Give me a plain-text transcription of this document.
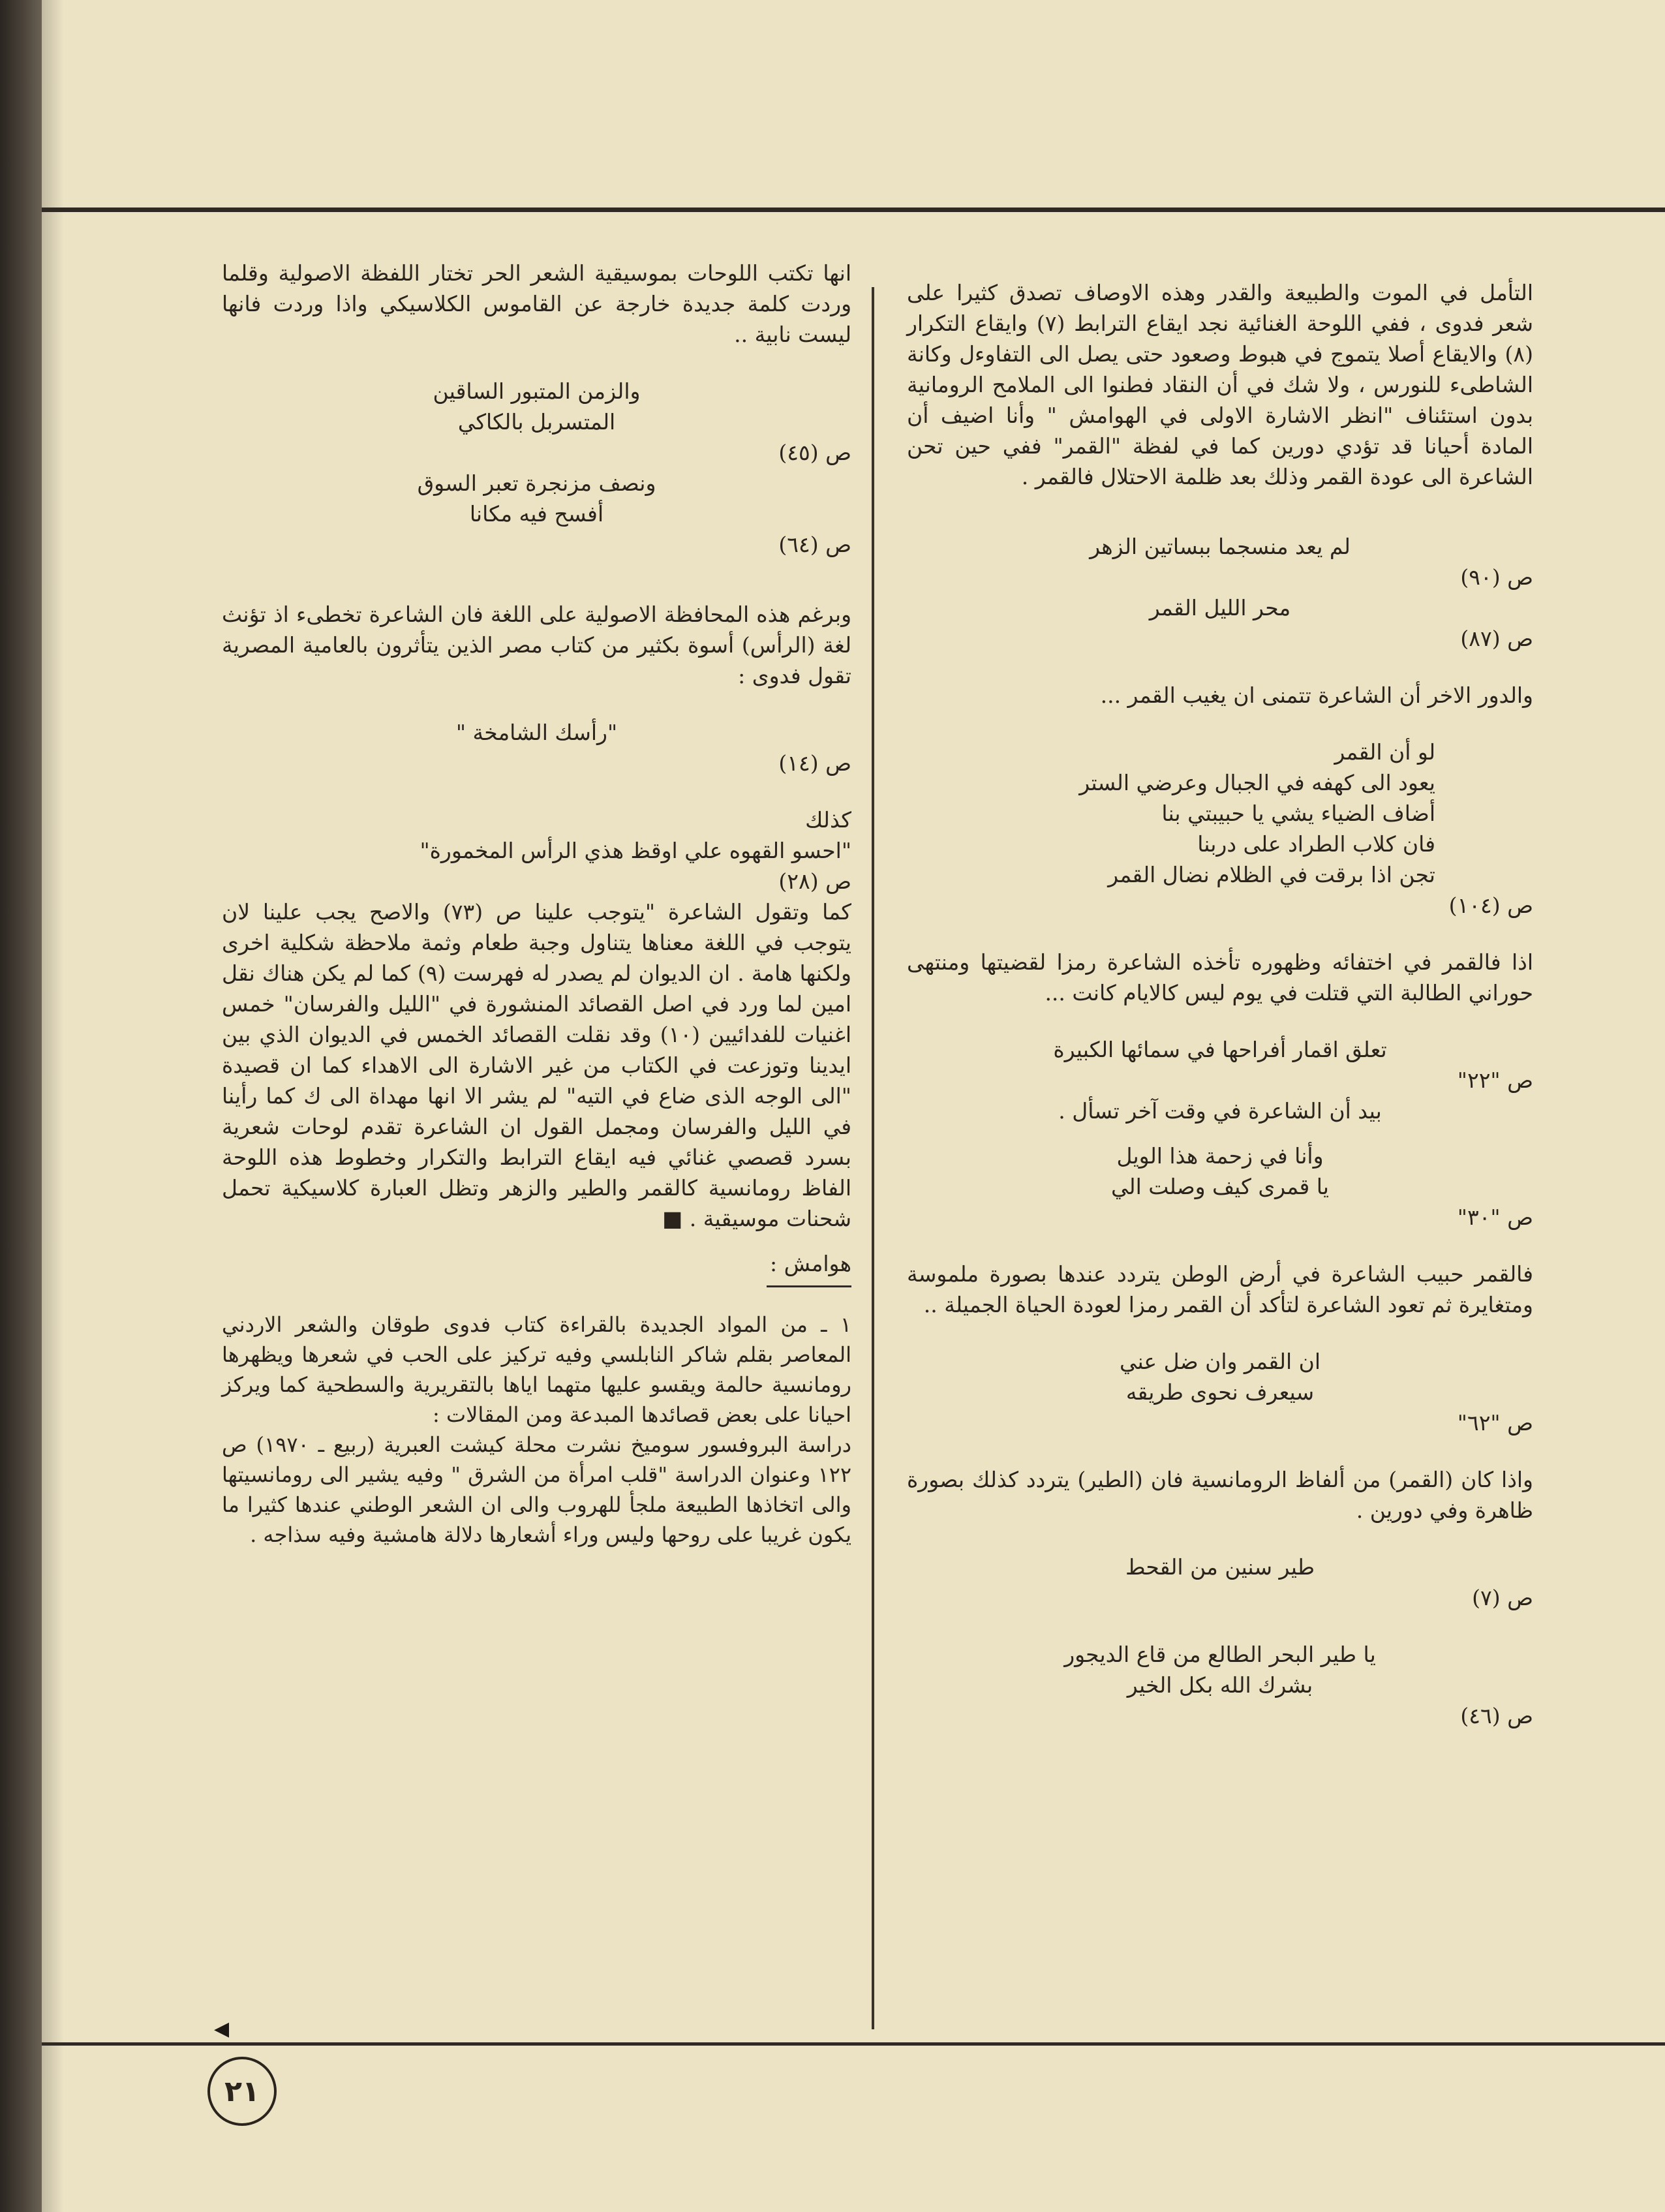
التأمل في الموت والطبيعة والقدر وهذه الاوصاف تصدق كثيرا على شعر فدوى ، ففي اللوحة الغنائية نجد ايقاع الترابط (٧) وايقاع التكرار (٨) والايقاع أصلا يتموج في هبوط وصعود حتى يصل الى التفاوءل وكانة الشاطىء للنورس ، ولا شك في أن النقاد فطنوا الى الملامح الرومانية بدون استئناف "انظر الاشارة الاولى في الهوامش " وأنا اضيف أن المادة أحيانا قد تؤدي دورين كما في لفظة "القمر" ففي حين تحن الشاعرة الى عودة القمر وذلك بعد ظلمة الاحتلال فالقمر .

لم يعد منسجما ببساتين الزهر
ص (٩٠)
محر الليل القمر
ص (٨٧)

والدور الاخر أن الشاعرة تتمنى ان يغيب القمر ...

لو أن القمر
يعود الى كهفه في الجبال وعرضي الستر
أضاف الضياء يشي يا حبيبتي بنا
فان كلاب الطراد على دربنا
تجن اذا برقت في الظلام نضال القمر
ص (١٠٤)

اذا فالقمر في اختفائه وظهوره تأخذه الشاعرة رمزا لقضيتها ومنتهى حوراني الطالبة التي قتلت في يوم ليس كالايام كانت ...

تعلق اقمار أفراحها في سمائها الكبيرة
ص "٢٢"
بيد أن الشاعرة في وقت آخر تسأل .
وأنا في زحمة هذا الويل
يا قمرى كيف وصلت الي
ص "٣٠"

فالقمر حبيب الشاعرة في أرض الوطن يتردد عندها بصورة ملموسة ومتغايرة ثم تعود الشاعرة لتأكد أن القمر رمزا لعودة الحياة الجميلة ..

ان القمر وان ضل عني
سيعرف نحوى طريقه
ص "٦٢"

واذا كان (القمر) من ألفاظ الرومانسية فان (الطير) يتردد كذلك بصورة ظاهرة وفي دورين .

طير سنين من القحط
ص (٧)
يا طير البحر الطالع من قاع الديجور
بشرك الله بكل الخير
ص (٤٦)

انها تكتب اللوحات بموسيقية الشعر الحر تختار اللفظة الاصولية وقلما وردت كلمة جديدة خارجة عن القاموس الكلاسيكي واذا وردت فانها ليست نابية ..

والزمن المتبور الساقين
المتسربل بالكاكي
ص (٤٥)
ونصف مزنجرة تعبر السوق
أفسح فيه مكانا
ص (٦٤)

وبرغم هذه المحافظة الاصولية على اللغة فان الشاعرة تخطىء اذ تؤنث لغة (الرأس) أسوة بكثير من كتاب مصر الذين يتأثرون بالعامية المصرية تقول فدوى :

"رأسك الشامخة "
ص (١٤)
كذلك
"احسو القهوه علي اوقظ هذي الرأس المخمورة"
ص (٢٨)

كما وتقول الشاعرة "يتوجب علينا ص (٧٣) والاصح يجب علينا لان يتوجب في اللغة معناها يتناول وجبة طعام وثمة ملاحظة شكلية اخرى ولكنها هامة . ان الديوان لم يصدر له فهرست (٩) كما لم يكن هناك نقل امين لما ورد في اصل القصائد المنشورة في "الليل والفرسان" خمس اغنيات للفدائيين (١٠) وقد نقلت القصائد الخمس في الديوان الذي بين ايدينا وتوزعت في الكتاب من غير الاشارة الى الاهداء كما ان قصيدة "الى الوجه الذى ضاع في التيه" لم يشر الا انها مهداة الى ك كما رأينا في الليل والفرسان ومجمل القول ان الشاعرة تقدم لوحات شعرية بسرد قصصي غنائي فيه ايقاع الترابط والتكرار وخطوط هذه اللوحة الفاظ رومانسية كالقمر والطير والزهر وتظل العبارة كلاسيكية تحمل شحنات موسيقية . ■

هوامش :

١ ـ من المواد الجديدة بالقراءة كتاب فدوى طوقان والشعر الاردني المعاصر بقلم شاكر النابلسي وفيه تركيز على الحب في شعرها ويظهرها رومانسية حالمة ويقسو عليها متهما اياها بالتقريرية والسطحية كما ويركز احيانا على بعض قصائدها المبدعة ومن المقالات :

دراسة البروفسور سوميخ نشرت محلة كيشت العبرية (ربيع ـ ١٩٧٠) ص ١٢٢ وعنوان الدراسة "قلب امرأة من الشرق " وفيه يشير الى رومانسيتها والى اتخاذها الطبيعة ملجأ للهروب والى ان الشعر الوطني عندها كثيرا ما يكون غريبا على روحها وليس وراء أشعارها دلالة هامشية وفيه سذاجه .

◀
٢١
